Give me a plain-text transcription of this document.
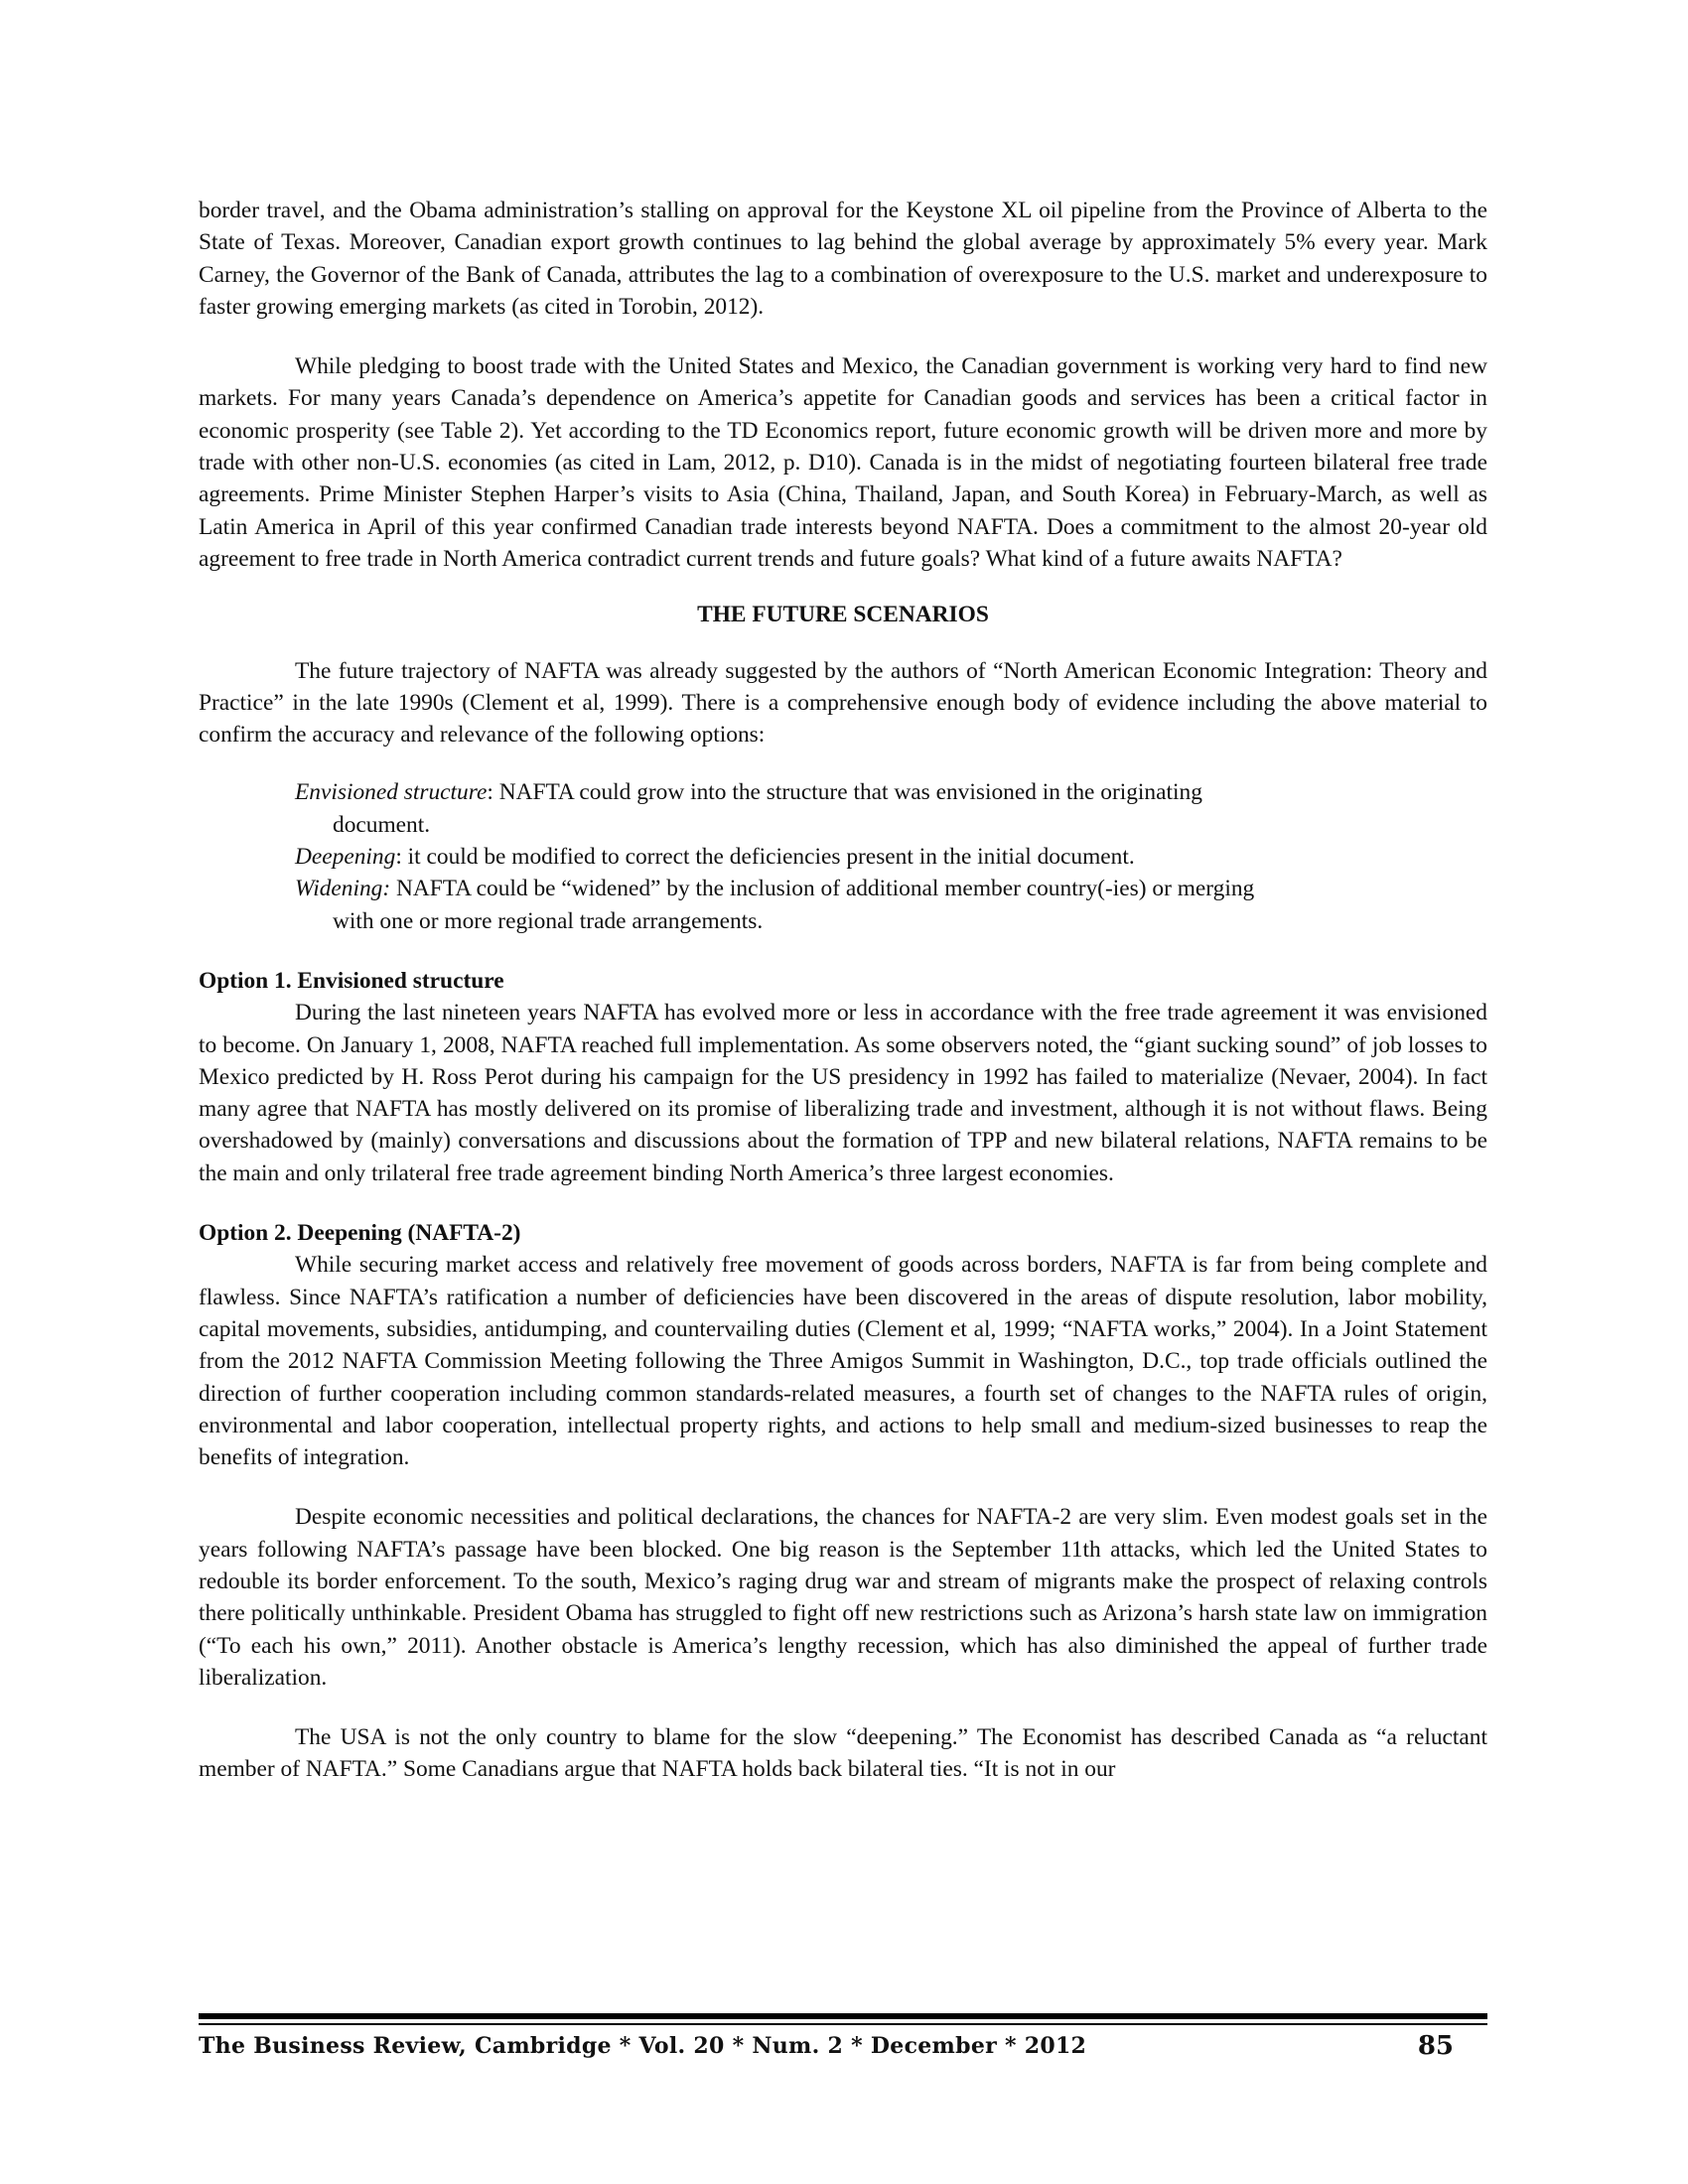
border travel, and the Obama administration’s stalling on approval for the Keystone XL oil pipeline from the Province of Alberta to the State of Texas. Moreover, Canadian export growth continues to lag behind the global average by approximately 5% every year. Mark Carney, the Governor of the Bank of Canada, attributes the lag to a combination of overexposure to the U.S. market and underexposure to faster growing emerging markets (as cited in Torobin, 2012).

While pledging to boost trade with the United States and Mexico, the Canadian government is working very hard to find new markets. For many years Canada’s dependence on America’s appetite for Canadian goods and services has been a critical factor in economic prosperity (see Table 2). Yet according to the TD Economics report, future economic growth will be driven more and more by trade with other non-U.S. economies (as cited in Lam, 2012, p. D10). Canada is in the midst of negotiating fourteen bilateral free trade agreements. Prime Minister Stephen Harper’s visits to Asia (China, Thailand, Japan, and South Korea) in February-March, as well as Latin America in April of this year confirmed Canadian trade interests beyond NAFTA. Does a commitment to the almost 20-year old agreement to free trade in North America contradict current trends and future goals? What kind of a future awaits NAFTA?

THE FUTURE SCENARIOS

The future trajectory of NAFTA was already suggested by the authors of “North American Economic Integration: Theory and Practice” in the late 1990s (Clement et al, 1999). There is a comprehensive enough body of evidence including the above material to confirm the accuracy and relevance of the following options:

Envisioned structure: NAFTA could grow into the structure that was envisioned in the originating
document.

Deepening: it could be modified to correct the deficiencies present in the initial document.

Widening: NAFTA could be “widened” by the inclusion of additional member country(-ies) or merging
with one or more regional trade arrangements.

Option 1. Envisioned structure

During the last nineteen years NAFTA has evolved more or less in accordance with the free trade agreement it was envisioned to become. On January 1, 2008, NAFTA reached full implementation. As some observers noted, the “giant sucking sound” of job losses to Mexico predicted by H. Ross Perot during his campaign for the US presidency in 1992 has failed to materialize (Nevaer, 2004). In fact many agree that NAFTA has mostly delivered on its promise of liberalizing trade and investment, although it is not without flaws. Being overshadowed by (mainly) conversations and discussions about the formation of TPP and new bilateral relations, NAFTA remains to be the main and only trilateral free trade agreement binding North America’s three largest economies.

Option 2. Deepening (NAFTA-2)

While securing market access and relatively free movement of goods across borders, NAFTA is far from being complete and flawless. Since NAFTA’s ratification a number of deficiencies have been discovered in the areas of dispute resolution, labor mobility, capital movements, subsidies, antidumping, and countervailing duties (Clement et al, 1999; “NAFTA works,” 2004). In a Joint Statement from the 2012 NAFTA Commission Meeting following the Three Amigos Summit in Washington, D.C., top trade officials outlined the direction of further cooperation including common standards-related measures, a fourth set of changes to the NAFTA rules of origin, environmental and labor cooperation, intellectual property rights, and actions to help small and medium-sized businesses to reap the benefits of integration.

Despite economic necessities and political declarations, the chances for NAFTA-2 are very slim. Even modest goals set in the years following NAFTA’s passage have been blocked. One big reason is the September 11th attacks, which led the United States to redouble its border enforcement. To the south, Mexico’s raging drug war and stream of migrants make the prospect of relaxing controls there politically unthinkable. President Obama has struggled to fight off new restrictions such as Arizona’s harsh state law on immigration (“To each his own,” 2011). Another obstacle is America’s lengthy recession, which has also diminished the appeal of further trade liberalization.

The USA is not the only country to blame for the slow “deepening.” The Economist has described Canada as “a reluctant member of NAFTA.” Some Canadians argue that NAFTA holds back bilateral ties. “It is not in our

The Business Review, Cambridge * Vol. 20 * Num. 2 * December * 2012	85
